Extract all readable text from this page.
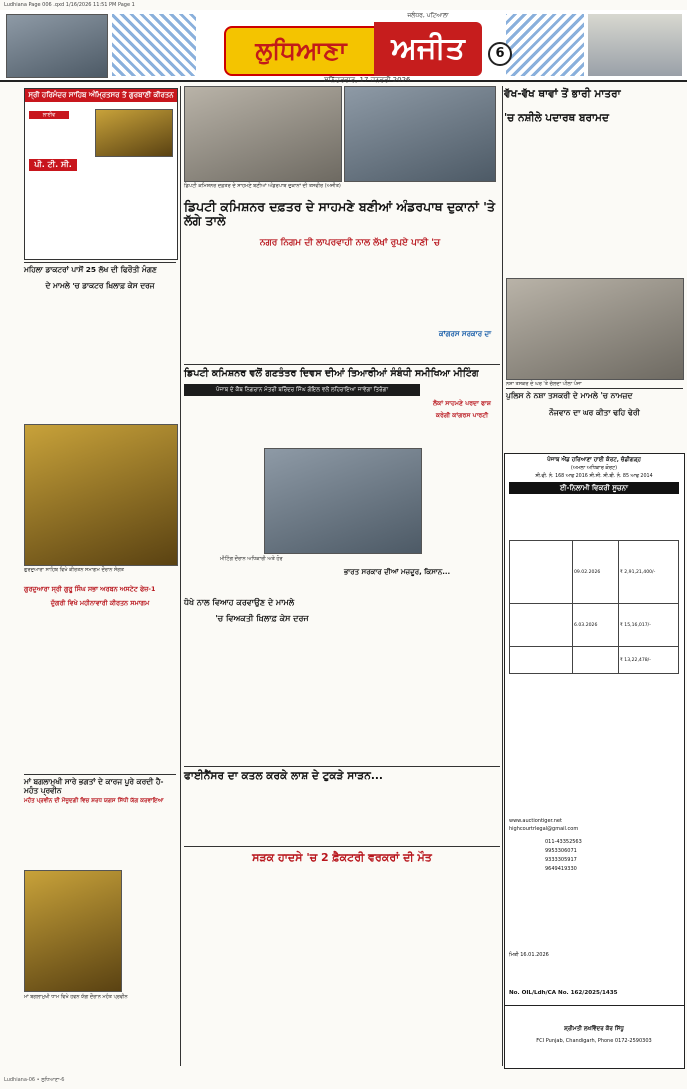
Ludhiana Page 006 .qxd 1/16/2026 11:51 PM Page 1
ਲੁਧਿਆਣਾ	ਅਜੀਤ
ਜਲੰਧਰ, ਪਟਿਆਲਾ
ਸ਼ਨਿੱਚਰਵਾਰ, 17 ਜਨਵਰੀ 2026
6
ਸ੍ਰੀ ਹਰਿਮੰਦਰ ਸਾਹਿਬ ਅੰਮ੍ਰਿਤਸਰ ਤੋਂ ਗੁਰਬਾਣੀ ਕੀਰਤਨ
ਲਾਈਵ
ਪੀ. ਟੀ. ਸੀ.
ਡਿਪਟੀ ਕਮਿਸ਼ਨਰ ਦਫ਼ਤਰ ਦੇ ਸਾਹਮਣੇ ਬਣੀਆਂ ਅੰਡਰਪਾਥ ਦੁਕਾਨਾਂ ਦੀ ਤਸਵੀਰ (ਅਜੀਤ)
ਡਿਪਟੀ ਕਮਿਸ਼ਨਰ ਦਫ਼ਤਰ ਦੇ ਸਾਹਮਣੇ ਬਣੀਆਂ ਅੰਡਰਪਾਥ ਦੁਕਾਨਾਂ 'ਤੇ ਲੱਗੇ ਤਾਲੇ
ਨਗਰ ਨਿਗਮ ਦੀ ਲਾਪਰਵਾਹੀ ਨਾਲ ਲੱਖਾਂ ਰੁਪਏ ਪਾਣੀ 'ਚ
ਵੱਖ-ਵੱਖ ਥਾਵਾਂ ਤੋਂ ਭਾਰੀ ਮਾਤਰਾ
'ਚ ਨਸ਼ੀਲੇ ਪਦਾਰਥ ਬਰਾਮਦ
ਮਹਿਲਾ ਡਾਕਟਰਾਂ ਪਾਸੋਂ 25 ਲੱਖ ਦੀ ਫਿਰੌਤੀ ਮੰਗਣ
ਦੇ ਮਾਮਲੇ 'ਚ ਡਾਕਟਰ ਖ਼ਿਲਾਫ਼ ਕੇਸ ਦਰਜ
ਕਾਂਗਰਸ ਸਰਕਾਰ ਦਾ
ਨਸ਼ਾ ਤਸਕਰ ਦੇ ਘਰ 'ਤੇ ਚੱਲਦਾ ਪੀਲਾ ਪੰਜਾ
ਡਿਪਟੀ ਕਮਿਸ਼ਨਰ ਵਲੋਂ ਗਣਤੰਤਰ ਦਿਵਸ ਦੀਆਂ ਤਿਆਰੀਆਂ ਸੰਬੰਧੀ ਸਮੀਖਿਆ ਮੀਟਿੰਗ
ਪੰਜਾਬ ਦੇ ਕੈਬ ਨਿਗਰਾਨ ਮੰਤਰੀ ਬਰਿੰਦਰ ਸਿੰਘ ਗੋਇਲ ਵਲੋਂ ਲਹਿਰਾਇਆ ਜਾਵੇਗਾ ਤਿਰੰਗਾ
ਮੀਟਿੰਗ ਦੌਰਾਨ ਅਧਿਕਾਰੀ ਅਤੇ ਹੋਰ
ਲੋਕਾਂ ਸਾਹਮਣੇ ਪਰਦਾ ਫਾਸ਼
ਕਰੇਗੀ ਕਾਂਗਰਸ ਪਾਰਟੀ
ਪੁਲਿਸ ਨੇ ਨਸ਼ਾ ਤਸਕਰੀ ਦੇ ਮਾਮਲੇ 'ਚ ਨਾਮਜ਼ਦ
ਨੌਜਵਾਨ ਦਾ ਘਰ ਕੀਤਾ ਢਹਿ ਢੇਰੀ
ਗੁਰਦੁਆਰਾ ਸਾਹਿਬ ਵਿਖੇ ਕੀਰਤਨ ਸਮਾਗਮ ਦੌਰਾਨ ਸੰਗਤ
ਗੁਰਦੁਆਰਾ ਸ੍ਰੀ ਗੁਰੂ ਸਿੰਘ ਸਭਾ ਅਰਬਨ ਅਸਟੇਟ ਫੇਜ਼-1
ਦੁੱਗਰੀ ਵਿਖੇ ਮਹੀਨਾਵਾਰੀ ਕੀਰਤਨ ਸਮਾਗਮ
ਭਾਰਤ ਸਰਕਾਰ ਦੀਆਂ ਮਜ਼ਦੂਰ, ਕਿਸਾਨ...
ਧੋਖੇ ਨਾਲ ਵਿਆਹ ਕਰਵਾਉਣ ਦੇ ਮਾਮਲੇ
'ਚ ਵਿਅਕਤੀ ਖ਼ਿਲਾਫ਼ ਕੇਸ ਦਰਜ
ਫਾਈਨੈਂਸਰ ਦਾ ਕਤਲ ਕਰਕੇ ਲਾਸ਼ ਦੇ ਟੁਕੜੇ ਸਾੜਨ...
ਮਾਂ ਬਗਲਾਮੁਖੀ ਸਾਰੇ ਭਗਤਾਂ ਦੇ ਕਾਰਜ ਪੂਰੇ ਕਰਦੀ ਹੈ-ਮਹੰਤ ਪ੍ਰਵੀਨ
ਮਹੰਤ ਪ੍ਰਵੀਨ ਦੀ ਮੌਜੂਦਗੀ ਵਿਚ ਸ਼ਰਧ ਯਗਸ ਸਿੱਧੀ ਯੱਗ ਕਰਵਾਇਆ
ਮਾਂ ਬਗਲਾਮੁਖੀ ਧਾਮ ਵਿਖੇ ਹਵਨ ਯੱਗ ਦੌਰਾਨ ਮਹੰਤ ਪ੍ਰਵੀਨ
ਸੜਕ ਹਾਦਸੇ 'ਚ 2 ਫ਼ੈਕਟਰੀ ਵਰਕਰਾਂ ਦੀ ਮੌਤ
ਪੰਜਾਬ ਐਂਡ ਹਰਿਆਣਾ ਹਾਈ ਕੋਰਟ, ਚੰਡੀਗੜ੍ਹ
(ਅਮਲਾ ਅਧਿਕਾਰ ਕੋਰਟ)
ਸੀ.ਵੀ. ਨੰ. 168 ਆਫ 2016 ਸੀ.ਸੀ. ਸੀ.ਬੀ. ਨੰ. 85 ਆਫ 2014
ਈ-ਨਿਲਾਮੀ ਵਿਕਰੀ ਸੂਚਨਾ
	09.02.2026	₹ 2,91,21,400/-
	6.03.2026	₹ 15,16,017/-
		₹ 13,22,478/-
www.auctiontiger.net
highcourtrlegal@gmail.com
011-43352563
9953306071
9333305917
9649419330
ਮਿਤੀ 16.01.2026
No. OIL/Ldh/CA No. 162/2025/1435
ਸ਼੍ਰੀਮਤੀ ਲਖਵਿੰਦਰ ਕੌਰ ਸਿੱਧੂ
FCI Punjab, Chandigarh, Phone 0172-2590303
Ludhiana-06 • ਲੁਧਿਆਣਾ-6
